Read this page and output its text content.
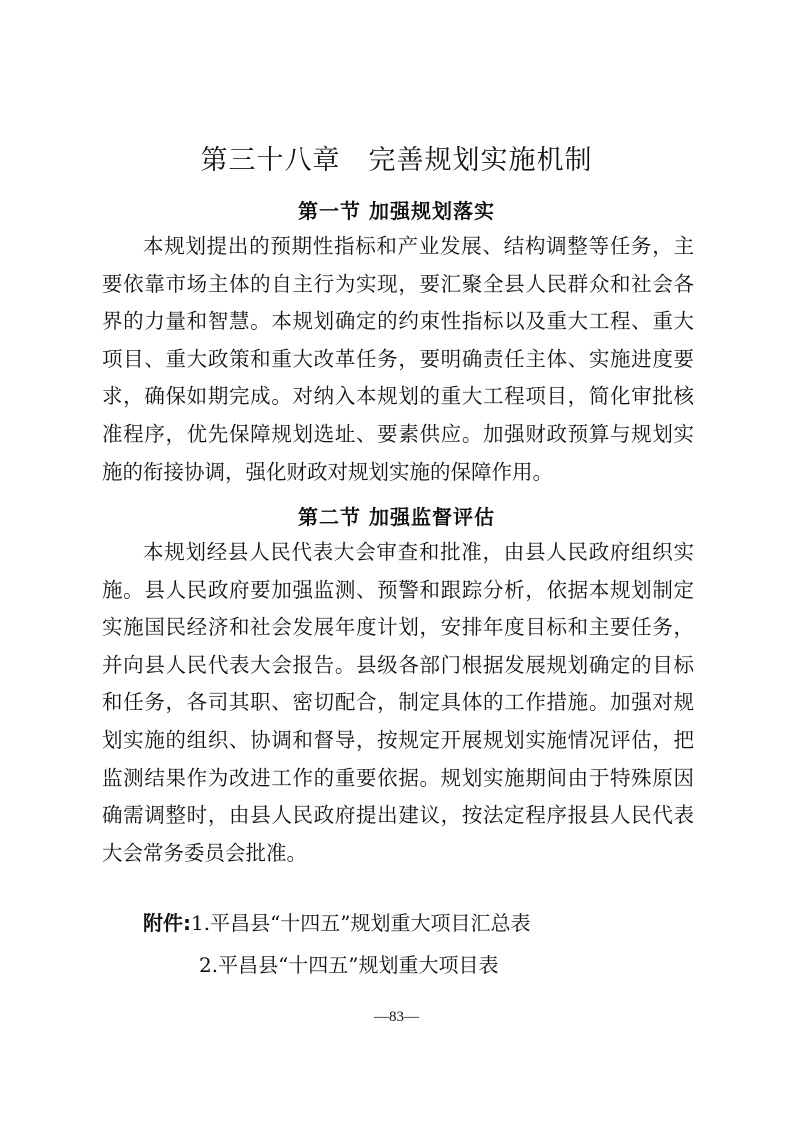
第三十八章　完善规划实施机制
第一节 加强规划落实

本规划提出的预期性指标和产业发展、结构调整等任务，主要依靠市场主体的自主行为实现，要汇聚全县人民群众和社会各界的力量和智慧。本规划确定的约束性指标以及重大工程、重大项目、重大政策和重大改革任务，要明确责任主体、实施进度要求，确保如期完成。对纳入本规划的重大工程项目，简化审批核准程序，优先保障规划选址、要素供应。加强财政预算与规划实施的衔接协调，强化财政对规划实施的保障作用。

第二节 加强监督评估

本规划经县人民代表大会审查和批准，由县人民政府组织实施。县人民政府要加强监测、预警和跟踪分析，依据本规划制定实施国民经济和社会发展年度计划，安排年度目标和主要任务，并向县人民代表大会报告。县级各部门根据发展规划确定的目标和任务，各司其职、密切配合，制定具体的工作措施。加强对规划实施的组织、协调和督导，按规定开展规划实施情况评估，把监测结果作为改进工作的重要依据。规划实施期间由于特殊原因确需调整时，由县人民政府提出建议，按法定程序报县人民代表大会常务委员会批准。

附件:1.平昌县“十四五”规划重大项目汇总表
2.平昌县“十四五”规划重大项目表
—83—
